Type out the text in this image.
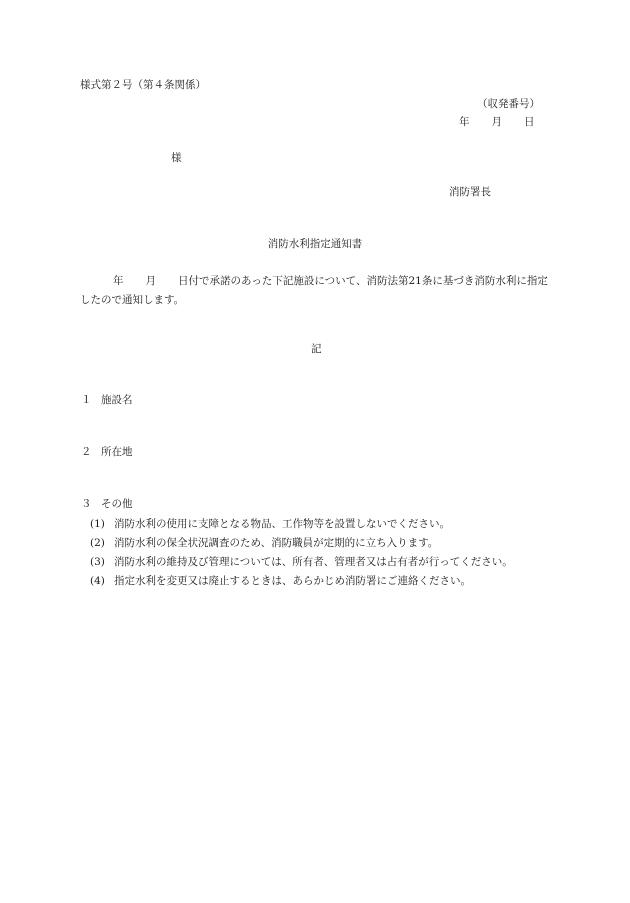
様式第２号（第４条関係）
（収発番号）
年 月 日
様
消防署長
消防水利指定通知書
年 月 日付で承諾のあった下記施設について、消防法第21条に基づき消防水利に指定したので通知します。
記
１ 施設名
２ 所在地
３ その他
(1) 消防水利の使用に支障となる物品、工作物等を設置しないでください。
(2) 消防水利の保全状況調査のため、消防職員が定期的に立ち入ります。
(3) 消防水利の維持及び管理については、所有者、管理者又は占有者が行ってください。
(4) 指定水利を変更又は廃止するときは、あらかじめ消防署にご連絡ください。
